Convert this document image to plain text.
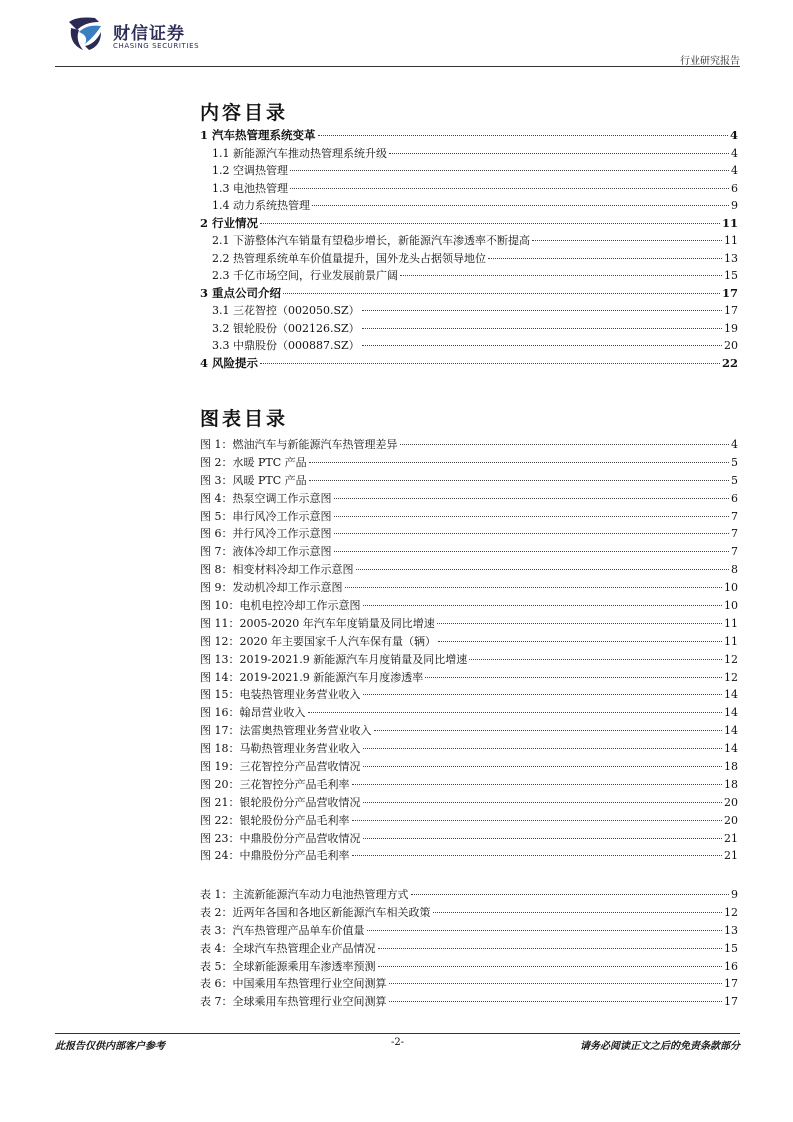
财信证券
CHASING SECURITIES
行业研究报告
内容目录
1 汽车热管理系统变革	4
1.1 新能源汽车推动热管理系统升级	4
1.2 空调热管理	4
1.3 电池热管理	6
1.4 动力系统热管理	9
2 行业情况	11
2.1 下游整体汽车销量有望稳步增长，新能源汽车渗透率不断提高	11
2.2 热管理系统单车价值量提升，国外龙头占据领导地位	13
2.3 千亿市场空间，行业发展前景广阔	15
3 重点公司介绍	17
3.1 三花智控（002050.SZ）	17
3.2 银轮股份（002126.SZ）	19
3.3 中鼎股份（000887.SZ）	20
4 风险提示	22
图表目录
图 1：燃油汽车与新能源汽车热管理差异	4
图 2：水暖 PTC 产品	5
图 3：风暖 PTC 产品	5
图 4：热泵空调工作示意图	6
图 5：串行风冷工作示意图	7
图 6：并行风冷工作示意图	7
图 7：液体冷却工作示意图	7
图 8：相变材料冷却工作示意图	8
图 9：发动机冷却工作示意图	10
图 10：电机电控冷却工作示意图	10
图 11：2005-2020 年汽车年度销量及同比增速	11
图 12：2020 年主要国家千人汽车保有量（辆）	11
图 13：2019-2021.9 新能源汽车月度销量及同比增速	12
图 14：2019-2021.9 新能源汽车月度渗透率	12
图 15：电装热管理业务营业收入	14
图 16：翰昂营业收入	14
图 17：法雷奥热管理业务营业收入	14
图 18：马勒热管理业务营业收入	14
图 19：三花智控分产品营收情况	18
图 20：三花智控分产品毛利率	18
图 21：银轮股份分产品营收情况	20
图 22：银轮股份分产品毛利率	20
图 23：中鼎股份分产品营收情况	21
图 24：中鼎股份分产品毛利率	21
表 1：主流新能源汽车动力电池热管理方式	9
表 2：近两年各国和各地区新能源汽车相关政策	12
表 3：汽车热管理产品单车价值量	13
表 4：全球汽车热管理企业产品情况	15
表 5：全球新能源乘用车渗透率预测	16
表 6：中国乘用车热管理行业空间测算	17
表 7：全球乘用车热管理行业空间测算	17
此报告仅供内部客户参考	-2-	请务必阅读正文之后的免责条款部分
